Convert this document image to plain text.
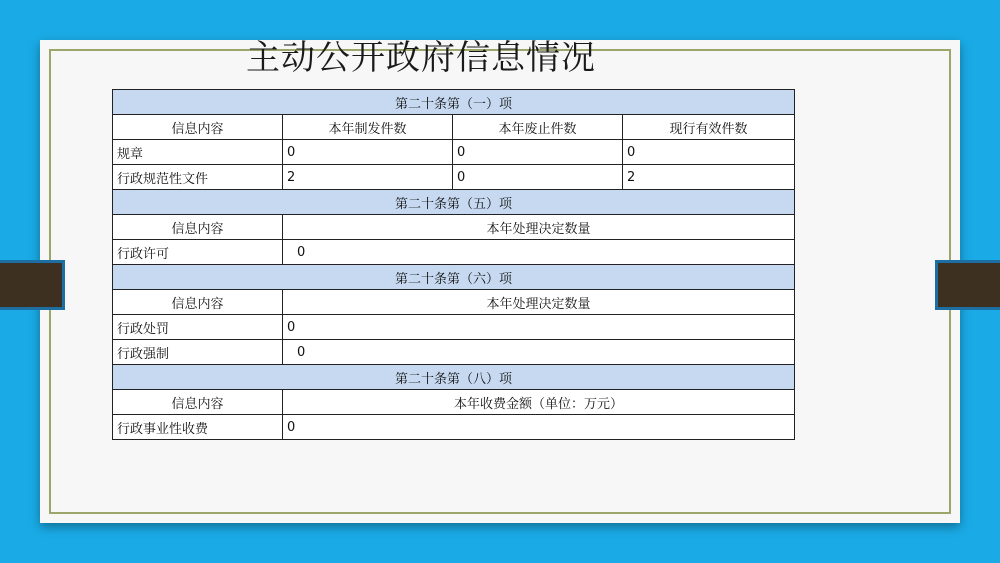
主动公开政府信息情况
第二十条第（一）项			
信息内容	本年制发件数	本年废止件数	现行有效件数
规章	0	0	0
行政规范性文件	2	0	2
第二十条第（五）项			
信息内容	本年处理决定数量		
行政许可	0		
第二十条第（六）项			
信息内容	本年处理决定数量		
行政处罚	0		
行政强制	0		
第二十条第（八）项			
信息内容	本年收费金额（单位：万元）		
行政事业性收费	0		
